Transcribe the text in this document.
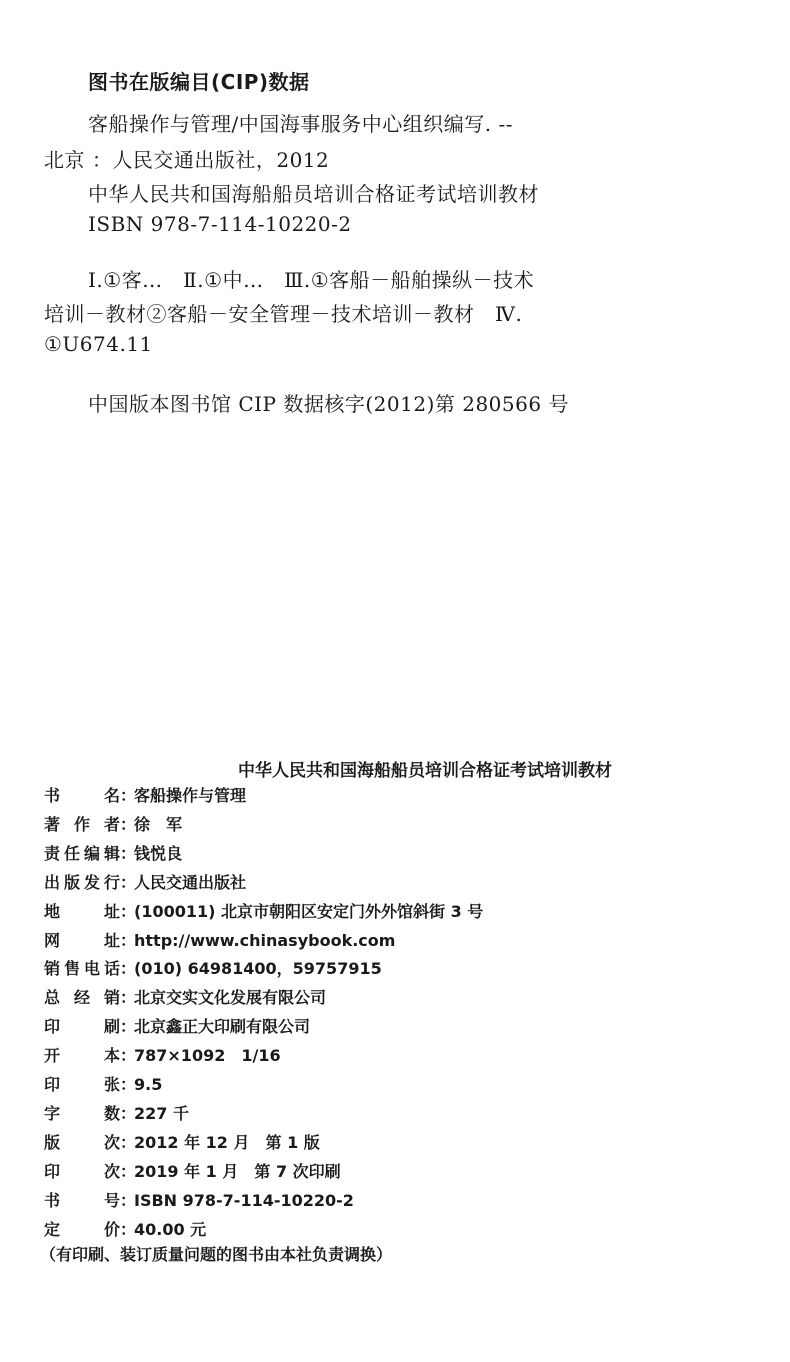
图书在版编目(CIP)数据
客船操作与管理/中国海事服务中心组织编写. --
北京 ：人民交通出版社，2012
中华人民共和国海船船员培训合格证考试培训教材
ISBN 978-7-114-10220-2
Ⅰ.①客…　Ⅱ.①中…　Ⅲ.①客船－船舶操纵－技术
培训－教材②客船－安全管理－技术培训－教材　Ⅳ.
①U674.11
中国版本图书馆 CIP 数据核字(2012)第 280566 号
中华人民共和国海船船员培训合格证考试培训教材
书　　名：客船操作与管理
著 作 者：徐　军
责任编辑：钱悦良
出版发行：人民交通出版社
地　　址：(100011) 北京市朝阳区安定门外外馆斜街 3 号
网　　址：http://www.chinasybook.com
销售电话：(010) 64981400，59757915
总 经 销：北京交实文化发展有限公司
印　　刷：北京鑫正大印刷有限公司
开　　本：787×1092　1/16
印　　张：9.5
字　　数：227 千
版　　次：2012 年 12 月　第 1 版
印　　次：2019 年 1 月　第 7 次印刷
书　　号：ISBN 978-7-114-10220-2
定　　价：40.00 元
（有印刷、装订质量问题的图书由本社负责调换）
